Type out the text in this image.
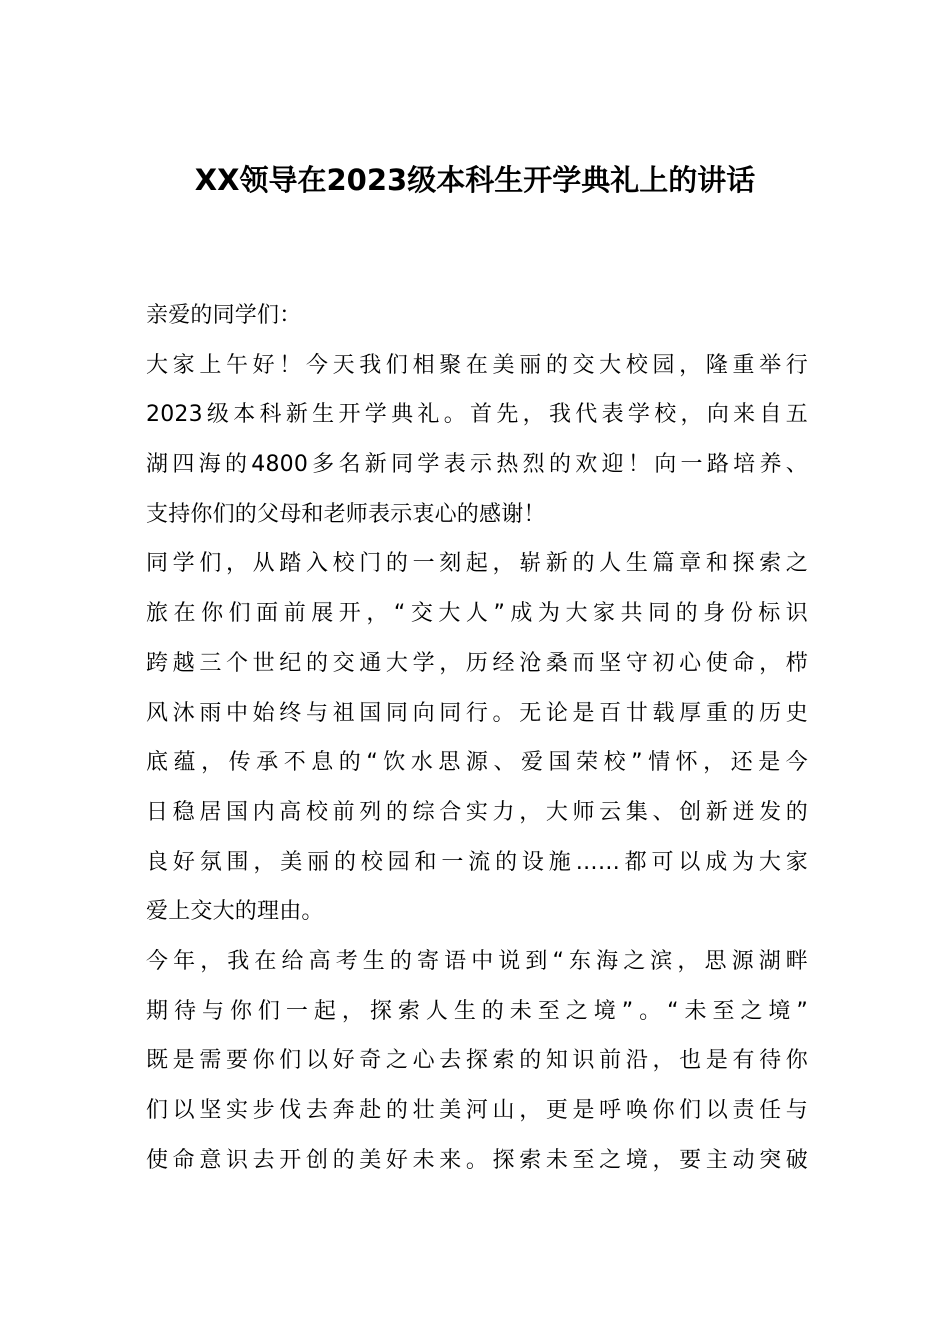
XX领导在2023级本科生开学典礼上的讲话
亲爱的同学们：
大家上午好！今天我们相聚在美丽的交大校园，隆重举行
2023级本科新生开学典礼。首先，我代表学校，向来自五
湖四海的4800多名新同学表示热烈的欢迎！向一路培养、
支持你们的父母和老师表示衷心的感谢！
同学们，从踏入校门的一刻起，崭新的人生篇章和探索之
旅在你们面前展开，“交大人”成为大家共同的身份标识
跨越三个世纪的交通大学，历经沧桑而坚守初心使命，栉
风沐雨中始终与祖国同向同行。无论是百廿载厚重的历史
底蕴，传承不息的“饮水思源、爱国荣校”情怀，还是今
日稳居国内高校前列的综合实力，大师云集、创新迸发的
良好氛围，美丽的校园和一流的设施……都可以成为大家
爱上交大的理由。
今年，我在给高考生的寄语中说到“东海之滨，思源湖畔
期待与你们一起，探索人生的未至之境”。“未至之境”
既是需要你们以好奇之心去探索的知识前沿，也是有待你
们以坚实步伐去奔赴的壮美河山，更是呼唤你们以责任与
使命意识去开创的美好未来。探索未至之境，要主动突破
